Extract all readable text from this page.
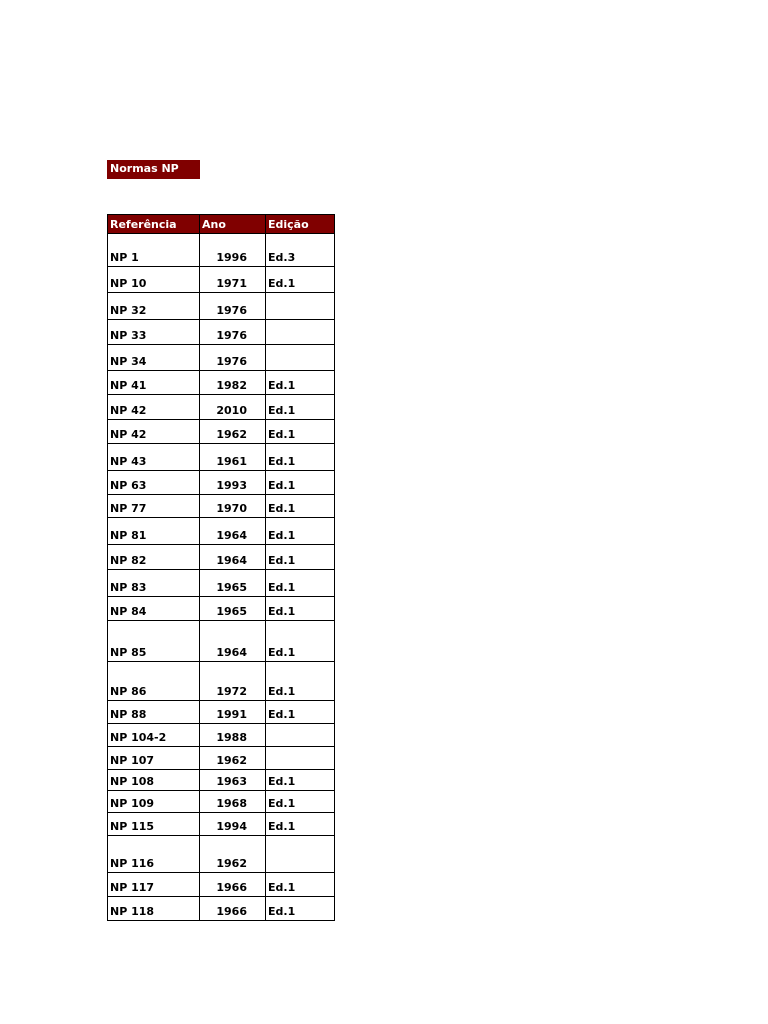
Normas NP
Referência	Ano	Edição
NP 1	1996	Ed.3
NP 10	1971	Ed.1
NP 32	1976	
NP 33	1976	
NP 34	1976	
NP 41	1982	Ed.1
NP 42	2010	Ed.1
NP 42	1962	Ed.1
NP 43	1961	Ed.1
NP 63	1993	Ed.1
NP 77	1970	Ed.1
NP 81	1964	Ed.1
NP 82	1964	Ed.1
NP 83	1965	Ed.1
NP 84	1965	Ed.1
NP 85	1964	Ed.1
NP 86	1972	Ed.1
NP 88	1991	Ed.1
NP 104-2	1988	
NP 107	1962	
NP 108	1963	Ed.1
NP 109	1968	Ed.1
NP 115	1994	Ed.1
NP 116	1962	
NP 117	1966	Ed.1
NP 118	1966	Ed.1
